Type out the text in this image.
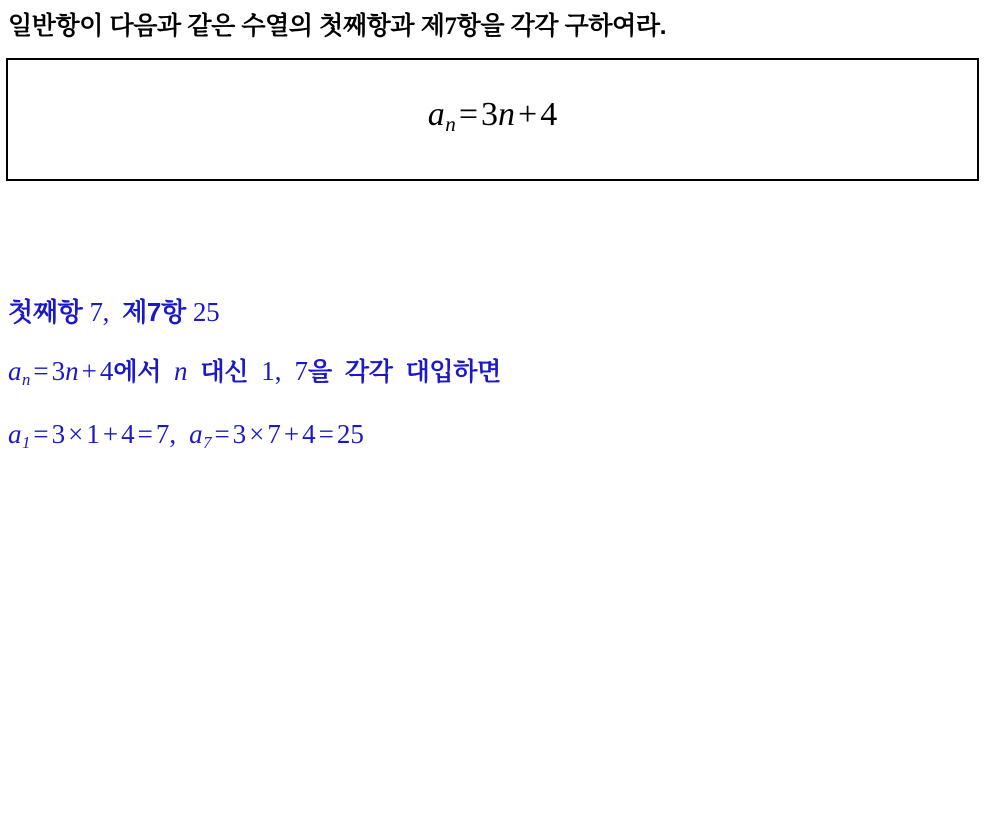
일반항이 다음과 같은 수열의 첫째항과 제7항을 각각 구하여라.
$a_n=3n+4$
첫째항 7, 제7항 25
$a_n = 3n + 4$에서 n 대신 1, 7을 각각 대입하면
$a_1 = 3 \times 1 + 4 = 7$, $a_7 = 3 \times 7 + 4 = 25$
